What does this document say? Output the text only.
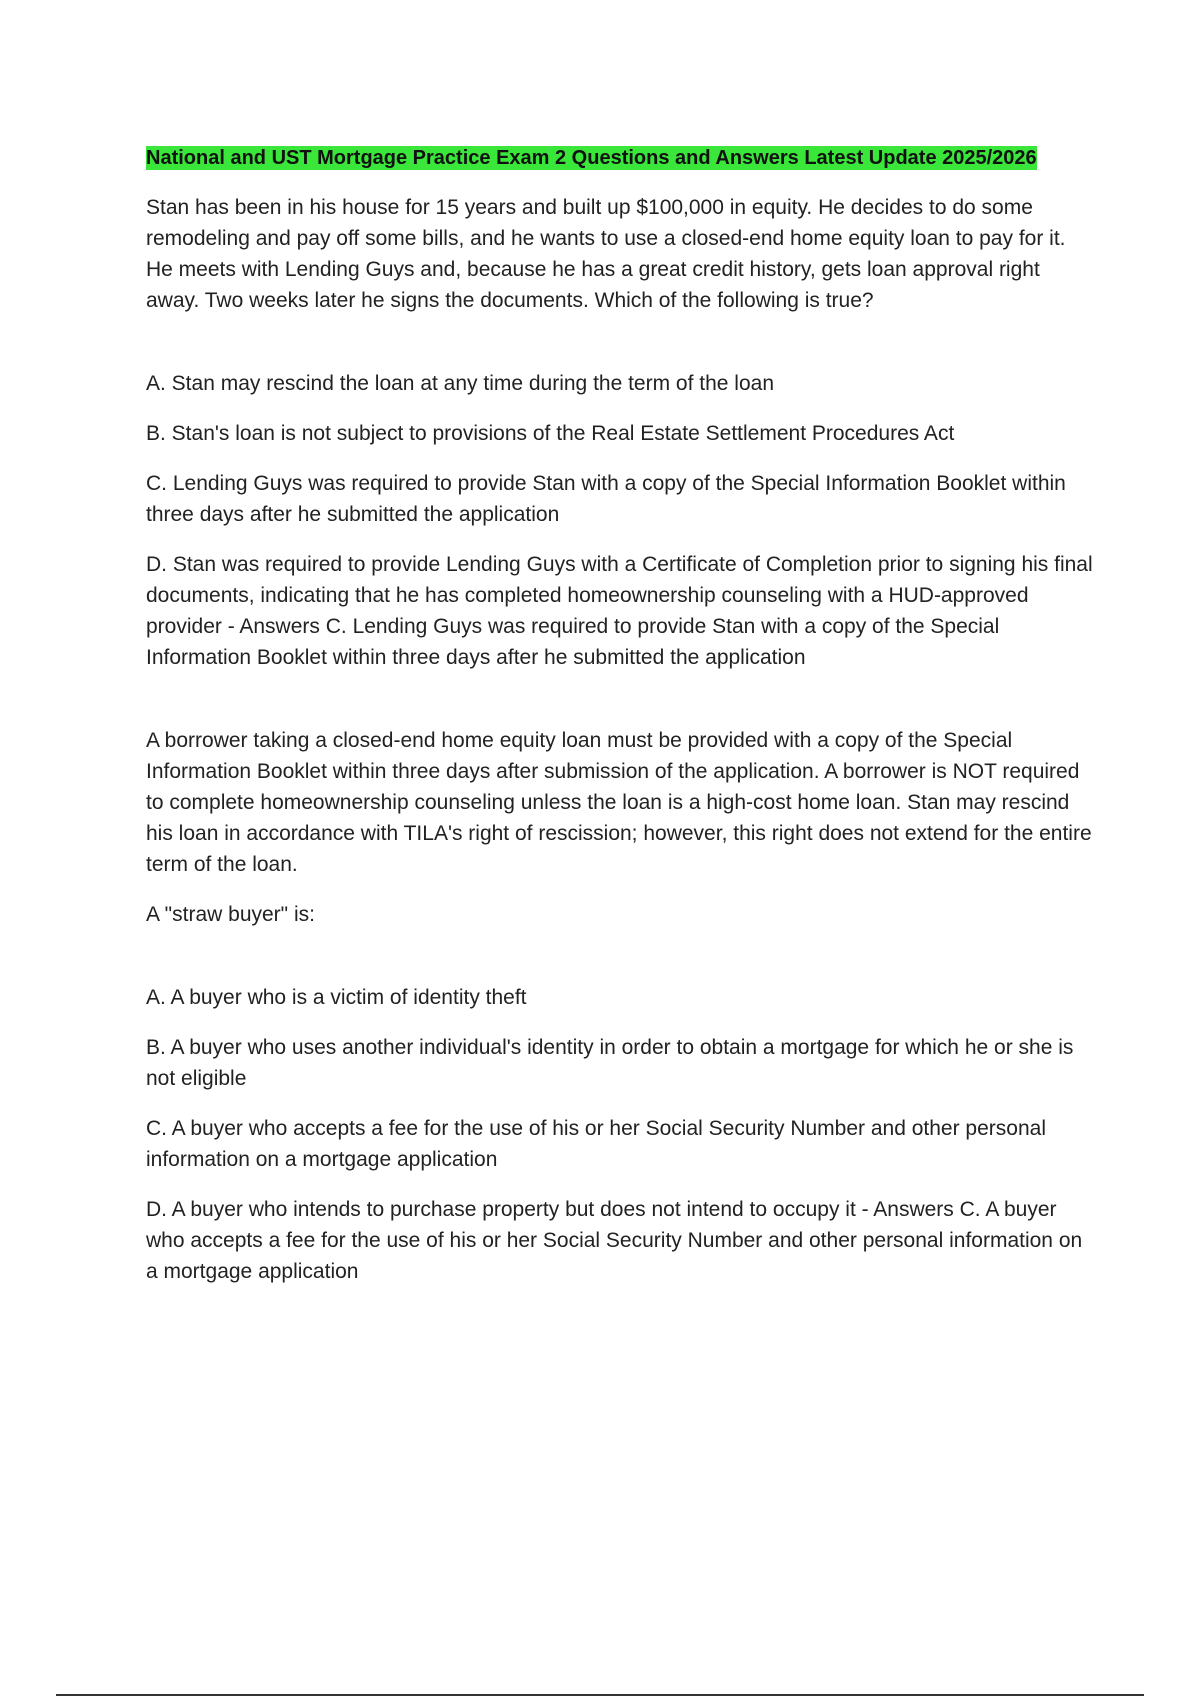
National and UST Mortgage Practice Exam 2 Questions and Answers Latest Update 2025/2026

Stan has been in his house for 15 years and built up $100,000 in equity. He decides to do some remodeling and pay off some bills, and he wants to use a closed-end home equity loan to pay for it. He meets with Lending Guys and, because he has a great credit history, gets loan approval right away. Two weeks later he signs the documents. Which of the following is true?

A. Stan may rescind the loan at any time during the term of the loan

B. Stan's loan is not subject to provisions of the Real Estate Settlement Procedures Act

C. Lending Guys was required to provide Stan with a copy of the Special Information Booklet within three days after he submitted the application

D. Stan was required to provide Lending Guys with a Certificate of Completion prior to signing his final documents, indicating that he has completed homeownership counseling with a HUD-approved provider - Answers C. Lending Guys was required to provide Stan with a copy of the Special Information Booklet within three days after he submitted the application

A borrower taking a closed-end home equity loan must be provided with a copy of the Special Information Booklet within three days after submission of the application. A borrower is NOT required to complete homeownership counseling unless the loan is a high-cost home loan. Stan may rescind his loan in accordance with TILA's right of rescission; however, this right does not extend for the entire term of the loan.

A "straw buyer" is:

A. A buyer who is a victim of identity theft

B. A buyer who uses another individual's identity in order to obtain a mortgage for which he or she is not eligible

C. A buyer who accepts a fee for the use of his or her Social Security Number and other personal information on a mortgage application

D. A buyer who intends to purchase property but does not intend to occupy it - Answers C. A buyer who accepts a fee for the use of his or her Social Security Number and other personal information on a mortgage application
